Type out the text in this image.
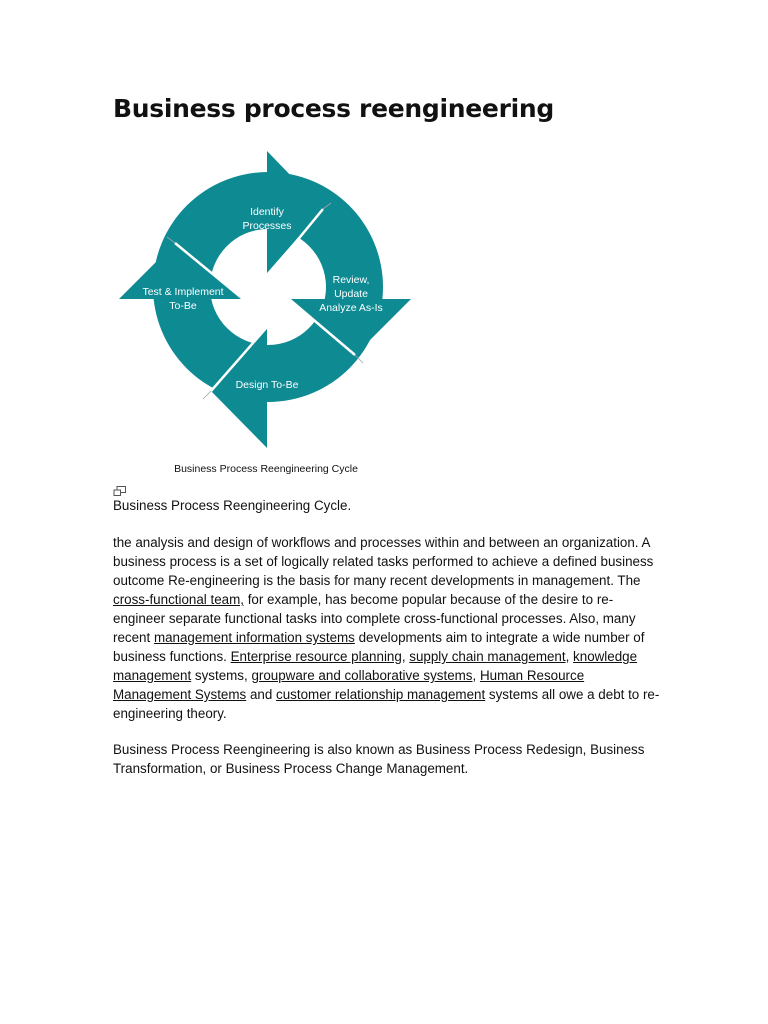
Business process reengineering
Identify
Processes
Review,
Update
Analyze As-Is
Test & Implement
To-Be
Design To-Be
Business Process Reengineering Cycle
Business Process Reengineering Cycle.

the analysis and design of workflows and processes within and between an organization. A business process is a set of logically related tasks performed to achieve a defined business outcome Re-engineering is the basis for many recent developments in management. The cross-functional team, for example, has become popular because of the desire to re-engineer separate functional tasks into complete cross-functional processes. Also, many recent management information systems developments aim to integrate a wide number of business functions. Enterprise resource planning, supply chain management, knowledge management systems, groupware and collaborative systems, Human Resource Management Systems and customer relationship management systems all owe a debt to re-engineering theory.

Business Process Reengineering is also known as Business Process Redesign, Business Transformation, or Business Process Change Management.
